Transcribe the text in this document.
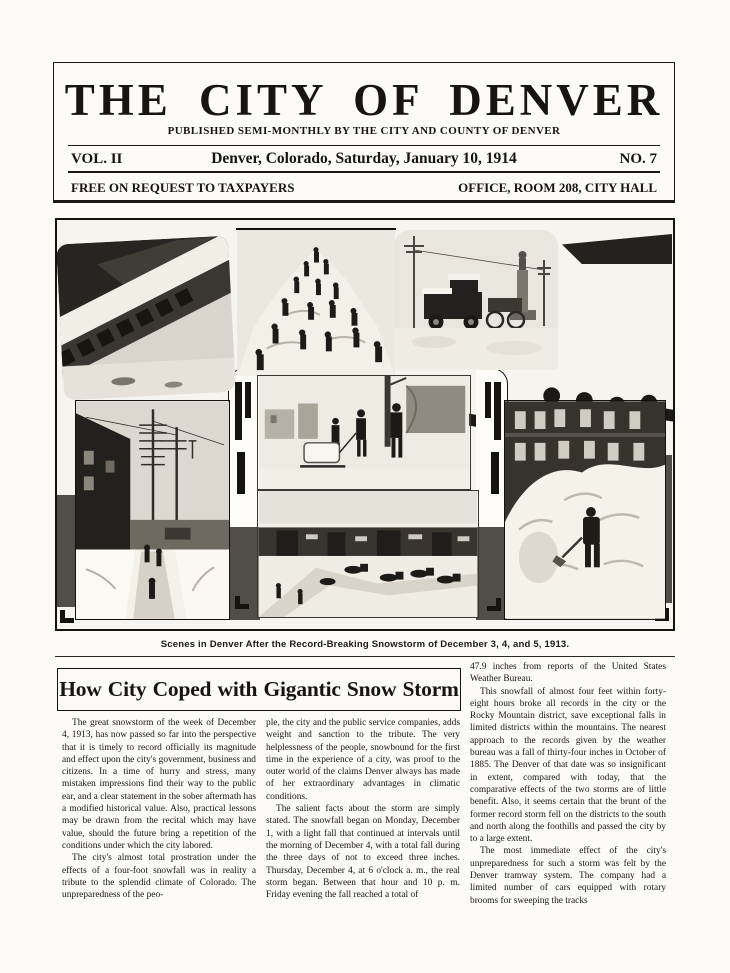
THE CITY OF DENVER
PUBLISHED SEMI-MONTHLY BY THE CITY AND COUNTY OF DENVER
VOL. II	Denver, Colorado, Saturday, January 10, 1914	NO. 7
FREE ON REQUEST TO TAXPAYERS	OFFICE, ROOM 208, CITY HALL
Scenes in Denver After the Record-Breaking Snowstorm of December 3, 4, and 5, 1913.
How City Coped with Gigantic Snow Storm

The great snowstorm of the week of December 4, 1913, has now passed so far into the perspective that it is timely to record officially its magnitude and effect upon the city's government, business and citizens. In a time of hurry and stress, many mistaken impressions find their way to the public ear, and a clear statement in the sober aftermath has a modified historical value. Also, practical lessons may be drawn from the recital which may have value, should the future bring a repetition of the conditions under which the city labored.

The city's almost total prostration under the effects of a four-foot snowfall was in reality a tribute to the splendid climate of Colorado. The unpreparedness of the peo-

ple, the city and the public service companies, adds weight and sanction to the tribute. The very helplessness of the people, snowbound for the first time in the experience of a city, was proof to the outer world of the claims Denver always has made of her extraordinary advantages in climatic conditions.

The salient facts about the storm are simply stated. The snowfall began on Monday, December 1, with a light fall that continued at intervals until the morning of December 4, with a total fall during the three days of not to exceed three inches. Thursday, December 4, at 6 o'clock a. m., the real storm began. Between that hour and 10 p. m. Friday evening the fall reached a total of

47.9 inches from reports of the United States Weather Bureau.

This snowfall of almost four feet within forty-eight hours broke all records in the city or the Rocky Mountain district, save exceptional falls in limited districts within the mountains. The nearest approach to the records given by the weather bureau was a fall of thirty-four inches in October of 1885. The Denver of that date was so insignificant in extent, compared with today, that the comparative effects of the two storms are of little benefit. Also, it seems certain that the brunt of the former record storm fell on the districts to the south and north along the foothills and passed the city by to a large extent.

The most immediate effect of the city's unpreparedness for such a storm was felt by the Denver tramway system. The company had a limited number of cars equipped with rotary brooms for sweeping the tracks
